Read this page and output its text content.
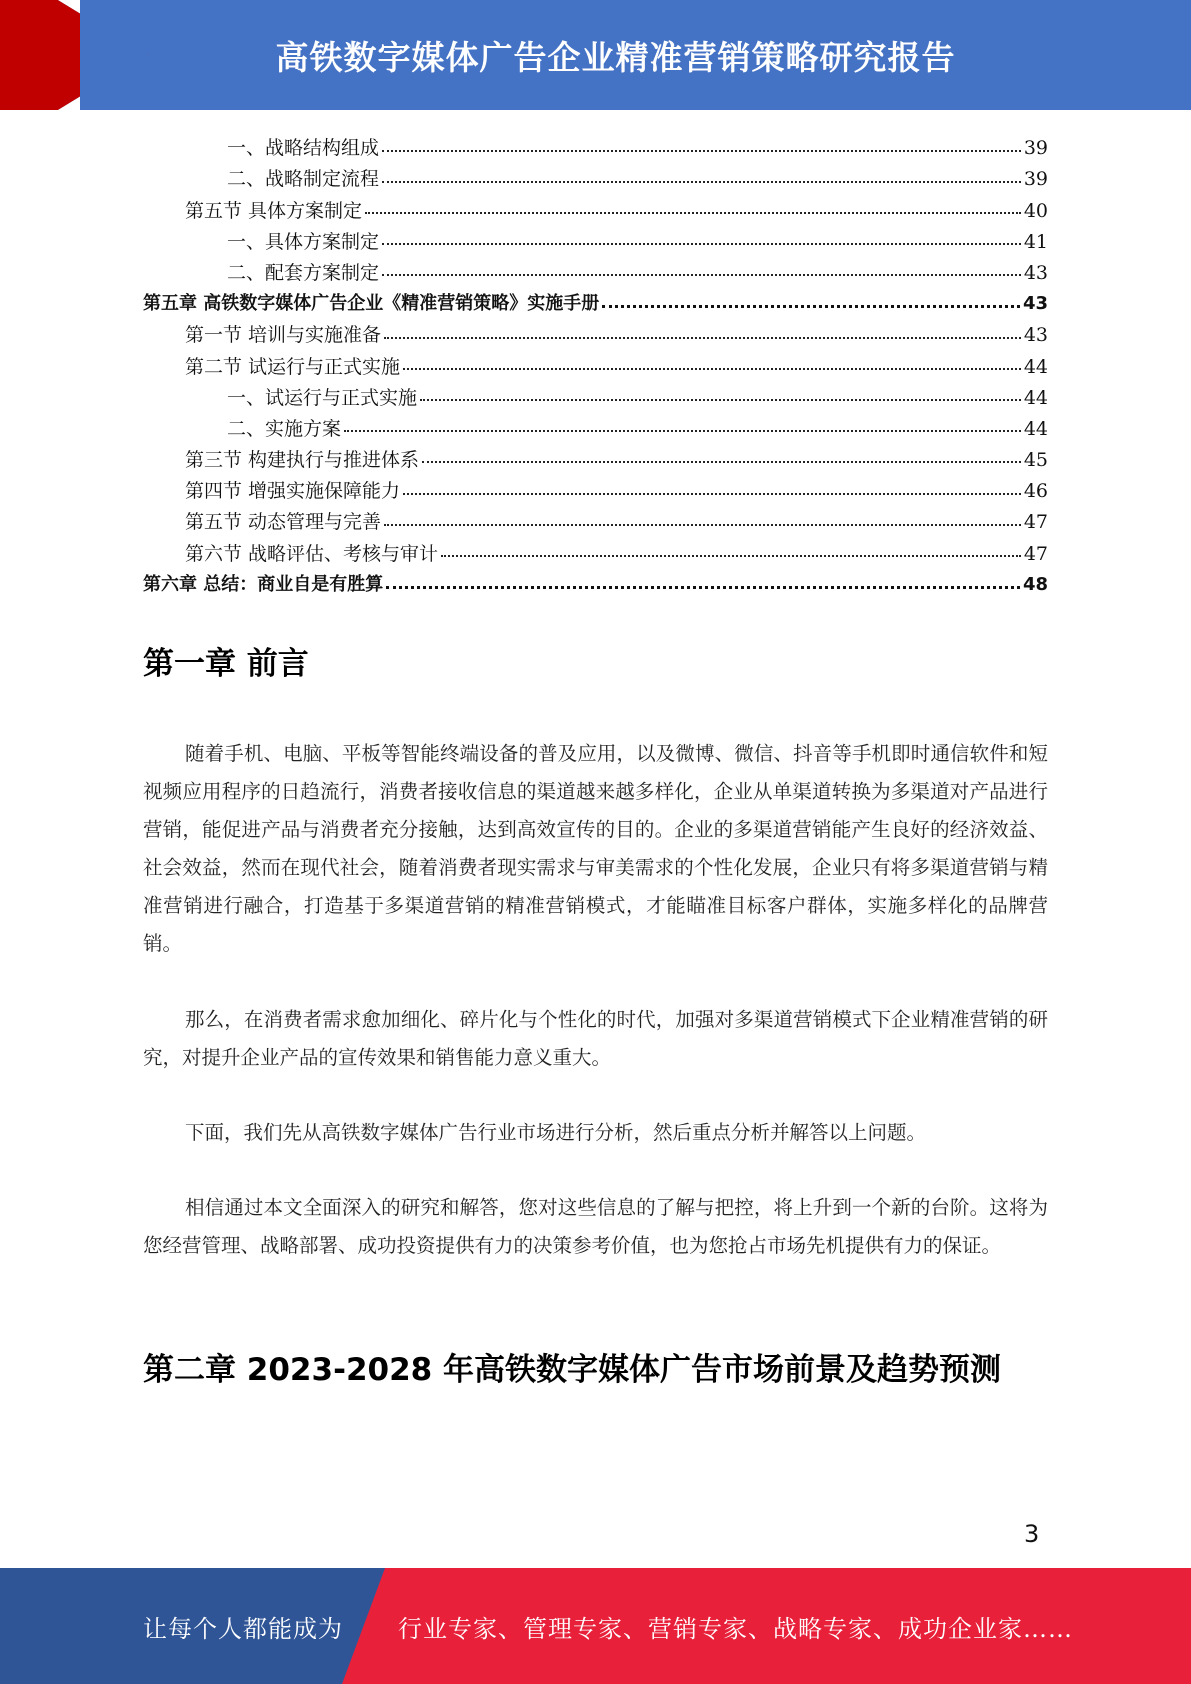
高铁数字媒体广告企业精准营销策略研究报告
一、战略结构组成	39
二、战略制定流程	39
第五节 具体方案制定	40
一、具体方案制定	41
二、配套方案制定	43
第五章 高铁数字媒体广告企业《精准营销策略》实施手册	43
第一节 培训与实施准备	43
第二节 试运行与正式实施	44
一、试运行与正式实施	44
二、实施方案	44
第三节 构建执行与推进体系	45
第四节 增强实施保障能力	46
第五节 动态管理与完善	47
第六节 战略评估、考核与审计	47
第六章 总结：商业自是有胜算	48
第一章 前言

随着手机、电脑、平板等智能终端设备的普及应用，以及微博、微信、抖音等手机即时通信软件和短视频应用程序的日趋流行，消费者接收信息的渠道越来越多样化，企业从单渠道转换为多渠道对产品进行营销，能促进产品与消费者充分接触，达到高效宣传的目的。企业的多渠道营销能产生良好的经济效益、社会效益，然而在现代社会，随着消费者现实需求与审美需求的个性化发展，企业只有将多渠道营销与精准营销进行融合，打造基于多渠道营销的精准营销模式，才能瞄准目标客户群体，实施多样化的品牌营销。

那么，在消费者需求愈加细化、碎片化与个性化的时代，加强对多渠道营销模式下企业精准营销的研究，对提升企业产品的宣传效果和销售能力意义重大。

下面，我们先从高铁数字媒体广告行业市场进行分析，然后重点分析并解答以上问题。

相信通过本文全面深入的研究和解答，您对这些信息的了解与把控，将上升到一个新的台阶。这将为您经营管理、战略部署、成功投资提供有力的决策参考价值，也为您抢占市场先机提供有力的保证。

第二章 2023-2028 年高铁数字媒体广告市场前景及趋势预测
3
让每个人都能成为 行业专家、管理专家、营销专家、战略专家、成功企业家……
